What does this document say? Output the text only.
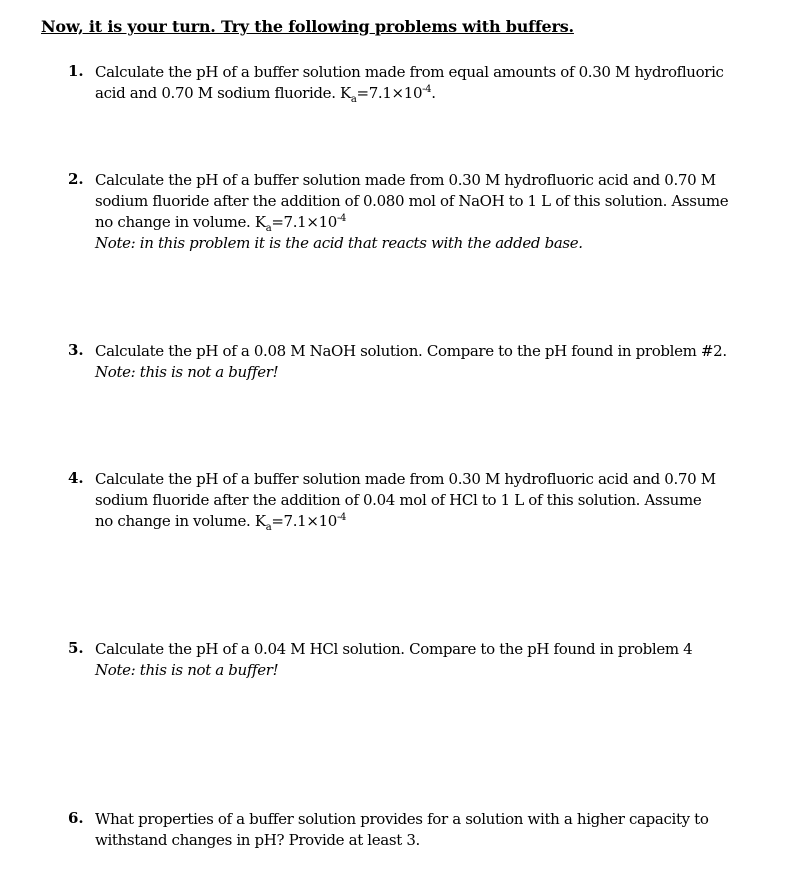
Now, it is your turn. Try the following problems with buffers.
1. Calculate the pH of a buffer solution made from equal amounts of 0.30 M hydrofluoric
acid and 0.70 M sodium fluoride. $K_a=7.1\times 10^{-4}$.
2. Calculate the pH of a buffer solution made from 0.30 M hydrofluoric acid and 0.70 M
sodium fluoride after the addition of 0.080 mol of NaOH to 1 L of this solution. Assume
no change in volume. $K_a=7.1\times 10^{-4}$
Note: in this problem it is the acid that reacts with the added base.
3. Calculate the pH of a 0.08 M NaOH solution. Compare to the pH found in problem #2.
Note: this is not a buffer!
4. Calculate the pH of a buffer solution made from 0.30 M hydrofluoric acid and 0.70 M
sodium fluoride after the addition of 0.04 mol of HCl to 1 L of this solution. Assume
no change in volume. $K_a=7.1\times 10^{-4}$
5. Calculate the pH of a 0.04 M HCl solution. Compare to the pH found in problem 4
Note: this is not a buffer!
6. What properties of a buffer solution provides for a solution with a higher capacity to
withstand changes in pH? Provide at least 3.
